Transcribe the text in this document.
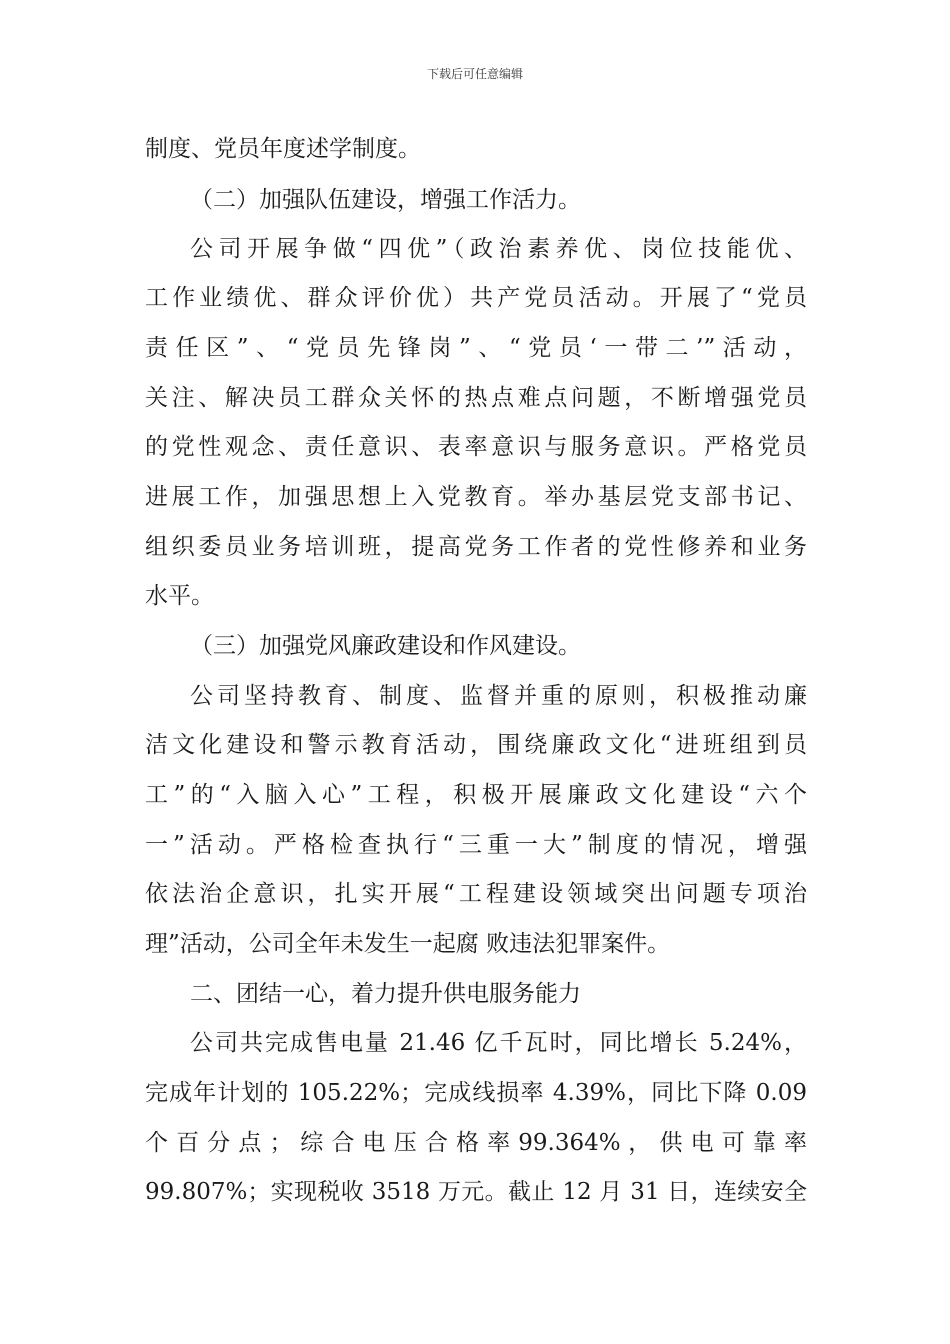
下载后可任意编辑
制度、党员年度述学制度。
（二）加强队伍建设，增强工作活力。
公司开展争做“四优”（政治素养优、岗位技能优、
工作业绩优、群众评价优）共产党员活动。开展了“党员
责任区”、“党员先锋岗”、“党员‘一带二’”活动，
关注、解决员工群众关怀的热点难点问题，不断增强党员
的党性观念、责任意识、表率意识与服务意识。严格党员
进展工作，加强思想上入党教育。举办基层党支部书记、
组织委员业务培训班，提高党务工作者的党性修养和业务
水平。
（三）加强党风廉政建设和作风建设。
公司坚持教育、制度、监督并重的原则，积极推动廉
洁文化建设和警示教育活动，围绕廉政文化“进班组到员
工”的“入脑入心”工程，积极开展廉政文化建设“六个
一”活动。严格检查执行“三重一大”制度的情况，增强
依法治企意识，扎实开展“工程建设领域突出问题专项治
理”活动，公司全年未发生一起腐 败违法犯罪案件。
二、团结一心，着力提升供电服务能力
公司共完成售电量 21.46 亿千瓦时，同比增长 5.24%，
完成年计划的 105.22%；完成线损率 4.39%，同比下降 0.09
个 百 分 点 ； 综 合 电 压 合 格 率 99.364% ， 供 电 可 靠 率
99.807%；实现税收 3518 万元。截止 12 月 31 日，连续安全
